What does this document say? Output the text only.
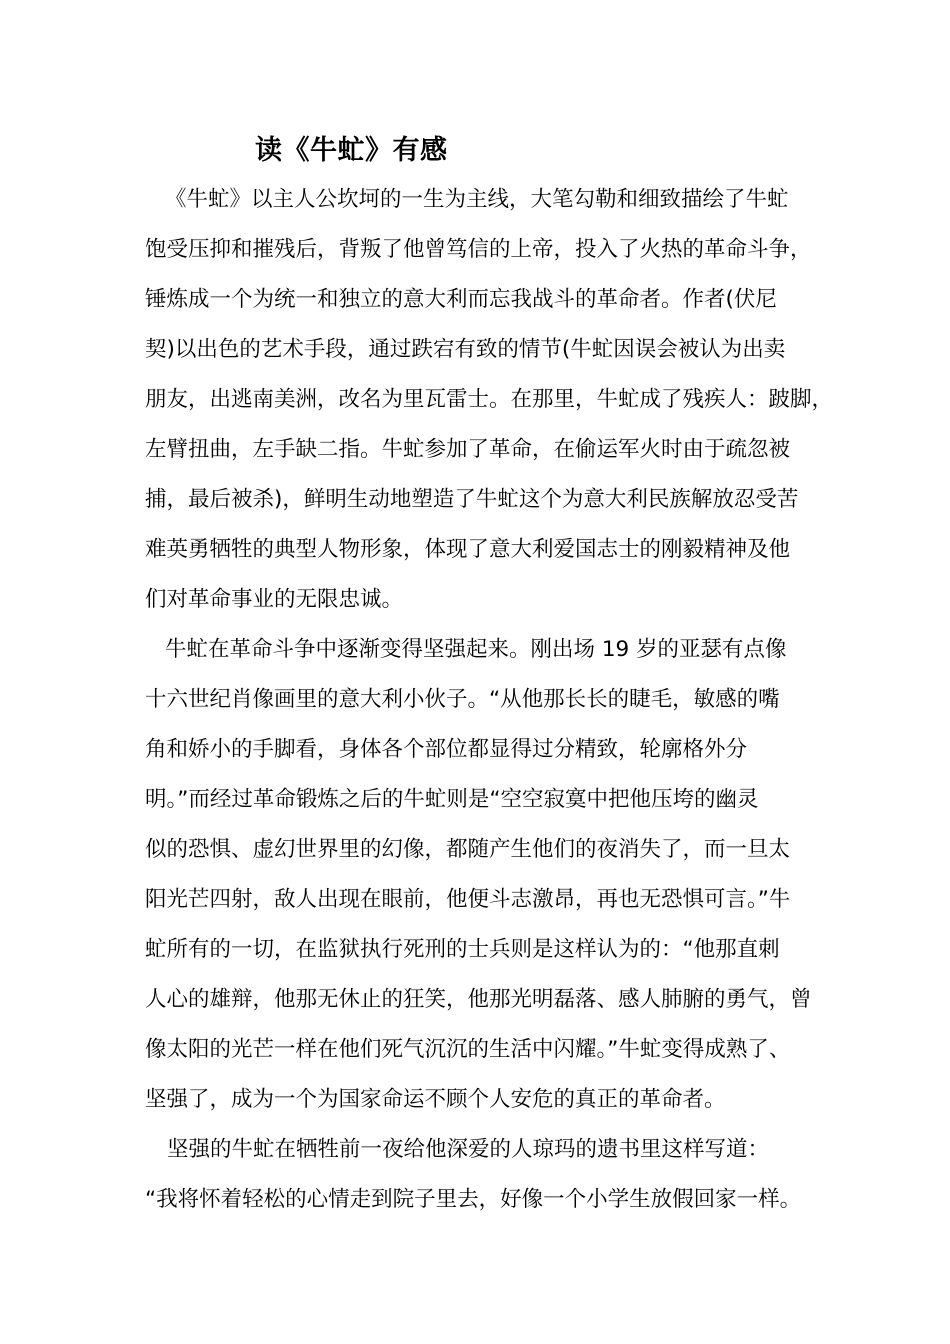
读《牛虻》有感
《牛虻》以主人公坎坷的一生为主线，大笔勾勒和细致描绘了牛虻
饱受压抑和摧残后，背叛了他曾笃信的上帝，投入了火热的革命斗争，
锤炼成一个为统一和独立的意大利而忘我战斗的革命者。作者(伏尼
契)以出色的艺术手段，通过跌宕有致的情节(牛虻因误会被认为出卖
朋友，出逃南美洲，改名为里瓦雷士。在那里，牛虻成了残疾人：跛脚，
左臂扭曲，左手缺二指。牛虻参加了革命，在偷运军火时由于疏忽被
捕，最后被杀)，鲜明生动地塑造了牛虻这个为意大利民族解放忍受苦
难英勇牺牲的典型人物形象，体现了意大利爱国志士的刚毅精神及他
们对革命事业的无限忠诚。
牛虻在革命斗争中逐渐变得坚强起来。刚出场 19 岁的亚瑟有点像
十六世纪肖像画里的意大利小伙子。“从他那长长的睫毛，敏感的嘴
角和娇小的手脚看，身体各个部位都显得过分精致，轮廓格外分
明。”而经过革命锻炼之后的牛虻则是“空空寂寞中把他压垮的幽灵
似的恐惧、虚幻世界里的幻像，都随产生他们的夜消失了，而一旦太
阳光芒四射，敌人出现在眼前，他便斗志激昂，再也无恐惧可言。”牛
虻所有的一切，在监狱执行死刑的士兵则是这样认为的：“他那直刺
人心的雄辩，他那无休止的狂笑，他那光明磊落、感人肺腑的勇气，曾
像太阳的光芒一样在他们死气沉沉的生活中闪耀。”牛虻变得成熟了、
坚强了，成为一个为国家命运不顾个人安危的真正的革命者。
坚强的牛虻在牺牲前一夜给他深爱的人琼玛的遗书里这样写道：
“我将怀着轻松的心情走到院子里去，好像一个小学生放假回家一样。
